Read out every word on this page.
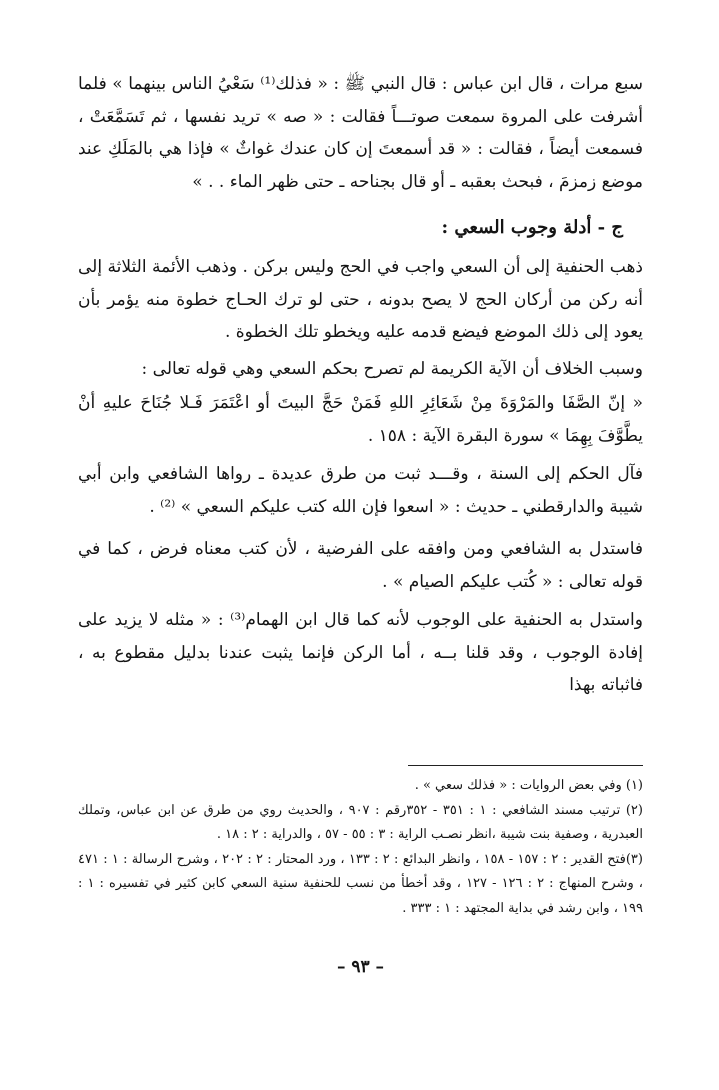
سبع مرات ، قال ابن عباس : قال النبي ﷺ : « فذلك⁽¹⁾ سَعْيُ الناس بينهما » فلما أشرفت على المروة سمعت صوتـــاً فقالت : « صه » تريد نفسها ، ثم تَسَمَّعَتْ ، فسمعت أيضاً ، فقالت : « قد أسمعتَ إن كان عندك غواثٌ » فإذا هي بالمَلَكِ عند موضع زمزمَ ، فبحث بعقبه ـ أو قال بجناحه ـ حتى ظهر الماء . . »

ج - أدلة وجوب السعي :

ذهب الحنفية إلى أن السعي واجب في الحج وليس بركن . وذهب الأئمة الثلاثة إلى أنه ركن من أركان الحج لا يصح بدونه ، حتى لو ترك الحـاج خطوة منه يؤمر بأن يعود إلى ذلك الموضع فيضع قدمه عليه ويخطو تلك الخطوة .

وسبب الخلاف أن الآية الكريمة لم تصرح بحكم السعي وهي قوله تعالى :

« إنّ الصَّفَا والمَرْوَةَ مِنْ شَعَائِرِ اللهِ فَمَنْ حَجَّ البيتَ أو اعْتَمَرَ فَـلا جُنَاحَ عليهِ أنْ يطَّوَّفَ بِهِمَا » سورة البقرة الآية : ١٥٨ .

فآل الحكم إلى السنة ، وقـــد ثبت من طرق عديدة ـ رواها الشافعي وابن أبي شيبة والدارقطني ـ حديث : « اسعوا فإن الله كتب عليكم السعي » ⁽²⁾ .

فاستدل به الشافعي ومن وافقه على الفرضية ، لأن كتب معناه فرض ، كما في قوله تعالى : « كُتب عليكم الصيام » .

واستدل به الحنفية على الوجوب لأنه كما قال ابن الهمام⁽³⁾ : « مثله لا يزيد على إفادة الوجوب ، وقد قلنا بــه ، أما الركن فإنما يثبت عندنا بدليل مقطوع به ، فاثباته بهذا

(١) وفي بعض الروايات : « فذلك سعي » .

(٢) ترتيب مسند الشافعي : ١ : ٣٥١ - ٣٥٢رقم : ٩٠٧ ، والحديث روي من طرق عن ابن عباس، وتملك العبدرية ، وصفية بنت شيبة ،انظر نصـب الراية : ٣ : ٥٥ - ٥٧ ، والدراية : ٢ : ١٨ .

(٣)فتح القدير : ٢ : ١٥٧ - ١٥٨ ، وانظر البدائع : ٢ : ١٣٣ ، ورد المحتار : ٢ : ٢٠٢ ، وشرح الرسالة : ١ : ٤٧١ ، وشرح المنهاج : ٢ : ١٢٦ - ١٢٧ ، وقد أخطأ من نسب للحنفية سنية السعي كابن كثير في تفسيره : ١ : ١٩٩ ، وابن رشد في بداية المجتهد : ١ : ٣٣٣ .

– ٩٣ –
